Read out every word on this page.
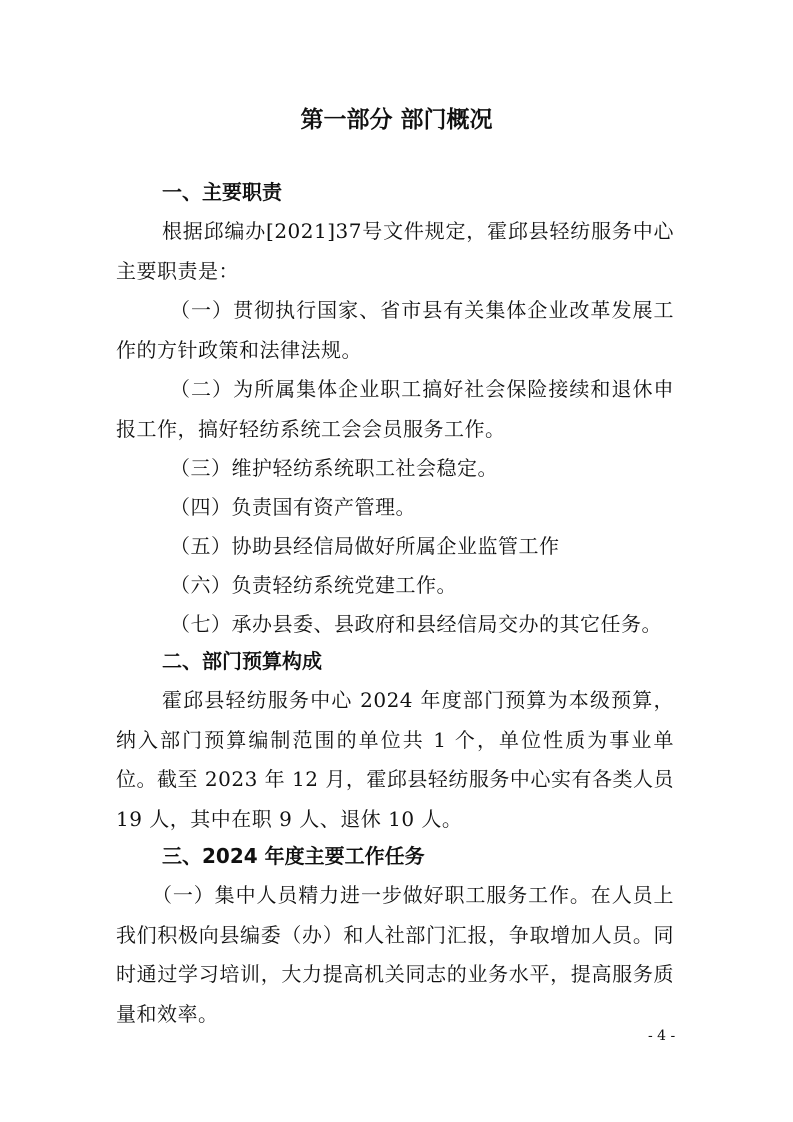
第一部分 部门概况
一、主要职责

根据邱编办[2021]37号文件规定，霍邱县轻纺服务中心主要职责是：

（一）贯彻执行国家、省市县有关集体企业改革发展工作的方针政策和法律法规。

（二）为所属集体企业职工搞好社会保险接续和退休申报工作，搞好轻纺系统工会会员服务工作。

（三）维护轻纺系统职工社会稳定。

（四）负责国有资产管理。

（五）协助县经信局做好所属企业监管工作

（六）负责轻纺系统党建工作。

（七）承办县委、县政府和县经信局交办的其它任务。

二、部门预算构成

霍邱县轻纺服务中心 2024 年度部门预算为本级预算，纳入部门预算编制范围的单位共 1 个，单位性质为事业单位。截至 2023 年 12 月，霍邱县轻纺服务中心实有各类人员 19 人，其中在职 9 人、退休 10 人。

三、2024 年度主要工作任务

（一）集中人员精力进一步做好职工服务工作。在人员上我们积极向县编委（办）和人社部门汇报，争取增加人员。同时通过学习培训，大力提高机关同志的业务水平，提高服务质量和效率。

- 4 -
